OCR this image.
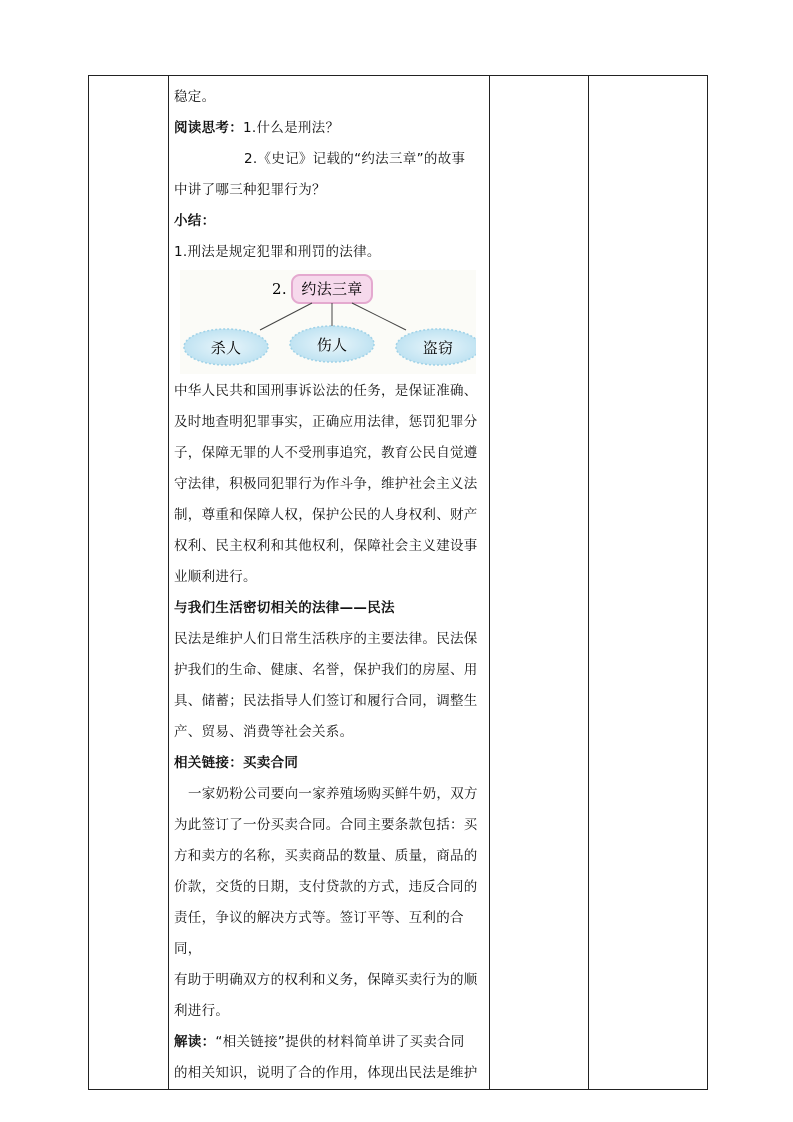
稳定。

阅读思考：1.什么是刑法？

2.《史记》记载的“约法三章”的故事

中讲了哪三种犯罪行为？

小结：

1.刑法是规定犯罪和刑罚的法律。

2. 约法三章
杀人	伤人	盗窃

中华人民共和国刑事诉讼法的任务，是保证准确、

及时地查明犯罪事实，正确应用法律，惩罚犯罪分

子，保障无罪的人不受刑事追究，教育公民自觉遵

守法律，积极同犯罪行为作斗争，维护社会主义法

制，尊重和保障人权，保护公民的人身权利、财产

权利、民主权利和其他权利，保障社会主义建设事

业顺利进行。

与我们生活密切相关的法律——民法

民法是维护人们日常生活秩序的主要法律。民法保

护我们的生命、健康、名誉，保护我们的房屋、用

具、储蓄；民法指导人们签订和履行合同，调整生

产、贸易、消费等社会关系。

相关链接：买卖合同

一家奶粉公司要向一家养殖场购买鲜牛奶，双方

为此签订了一份买卖合同。合同主要条款包括：买

方和卖方的名称，买卖商品的数量、质量，商品的

价款，交货的日期，支付贷款的方式，违反合同的

责任，争议的解决方式等。签订平等、互利的合同，

有助于明确双方的权利和义务，保障买卖行为的顺

利进行。

解读：“相关链接”提供的材料简单讲了买卖合同

的相关知识，说明了合的作用，体现出民法是维护
